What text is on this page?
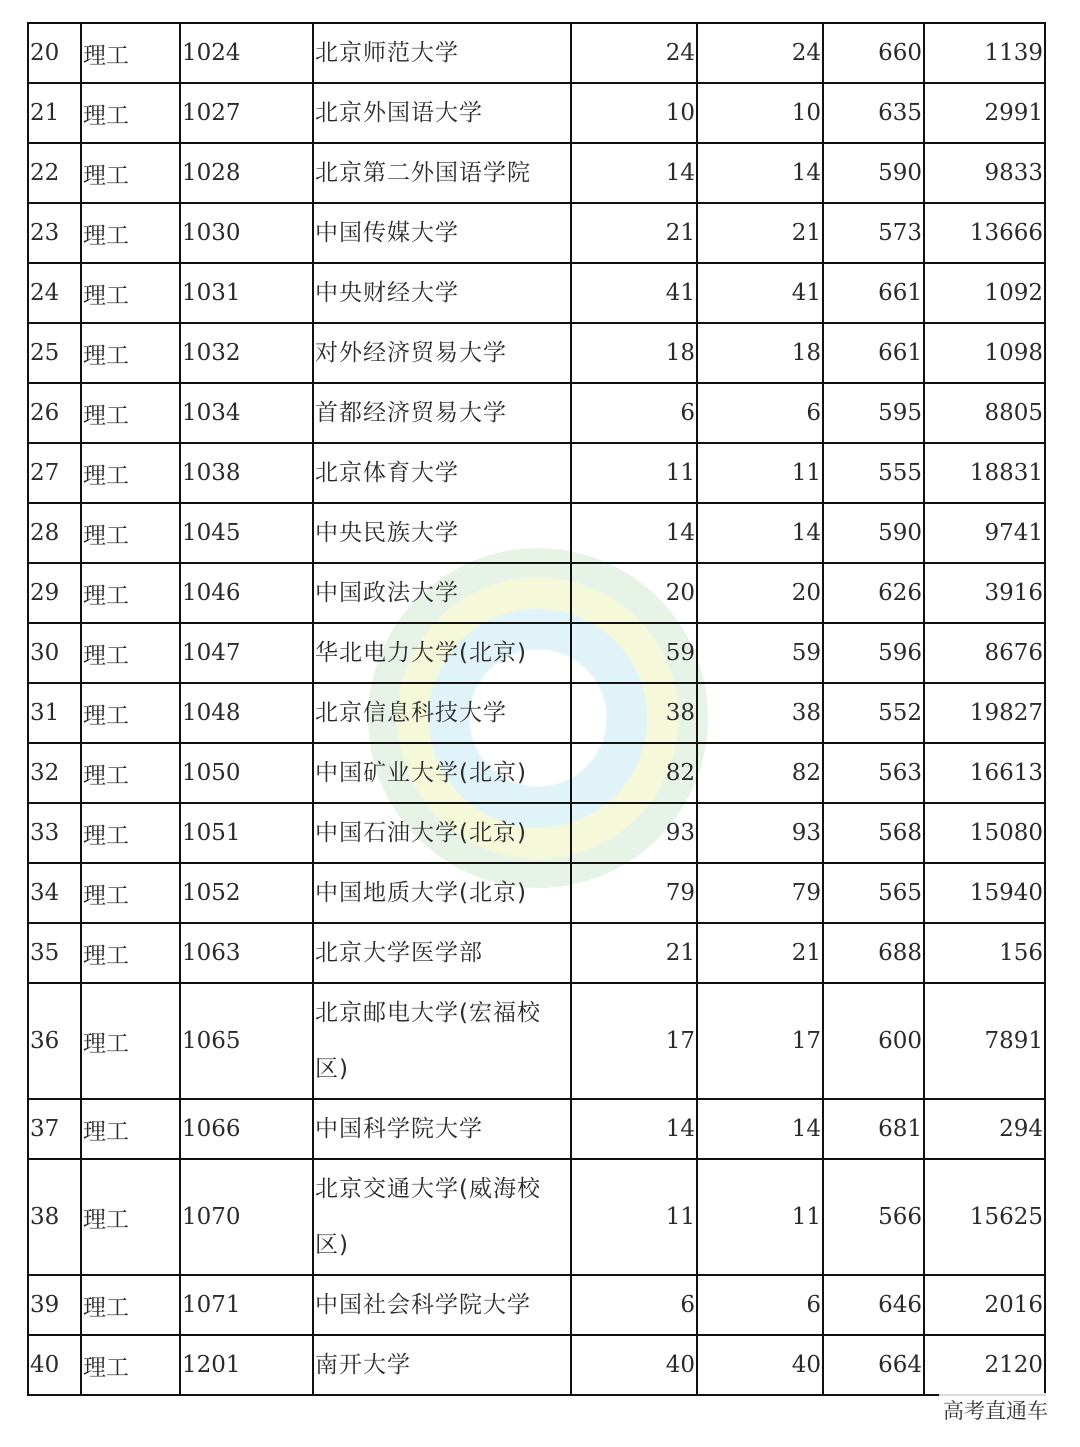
20	理工	1024	北京师范大学	24	24	660	1139
21	理工	1027	北京外国语大学	10	10	635	2991
22	理工	1028	北京第二外国语学院	14	14	590	9833
23	理工	1030	中国传媒大学	21	21	573	13666
24	理工	1031	中央财经大学	41	41	661	1092
25	理工	1032	对外经济贸易大学	18	18	661	1098
26	理工	1034	首都经济贸易大学	6	6	595	8805
27	理工	1038	北京体育大学	11	11	555	18831
28	理工	1045	中央民族大学	14	14	590	9741
29	理工	1046	中国政法大学	20	20	626	3916
30	理工	1047	华北电力大学(北京)	59	59	596	8676
31	理工	1048	北京信息科技大学	38	38	552	19827
32	理工	1050	中国矿业大学(北京)	82	82	563	16613
33	理工	1051	中国石油大学(北京)	93	93	568	15080
34	理工	1052	中国地质大学(北京)	79	79	565	15940
35	理工	1063	北京大学医学部	21	21	688	156
36	理工	1065	北京邮电大学(宏福校区)	17	17	600	7891
37	理工	1066	中国科学院大学	14	14	681	294
38	理工	1070	北京交通大学(威海校区)	11	11	566	15625
39	理工	1071	中国社会科学院大学	6	6	646	2016
40	理工	1201	南开大学	40	40	664	2120
高考直通车
